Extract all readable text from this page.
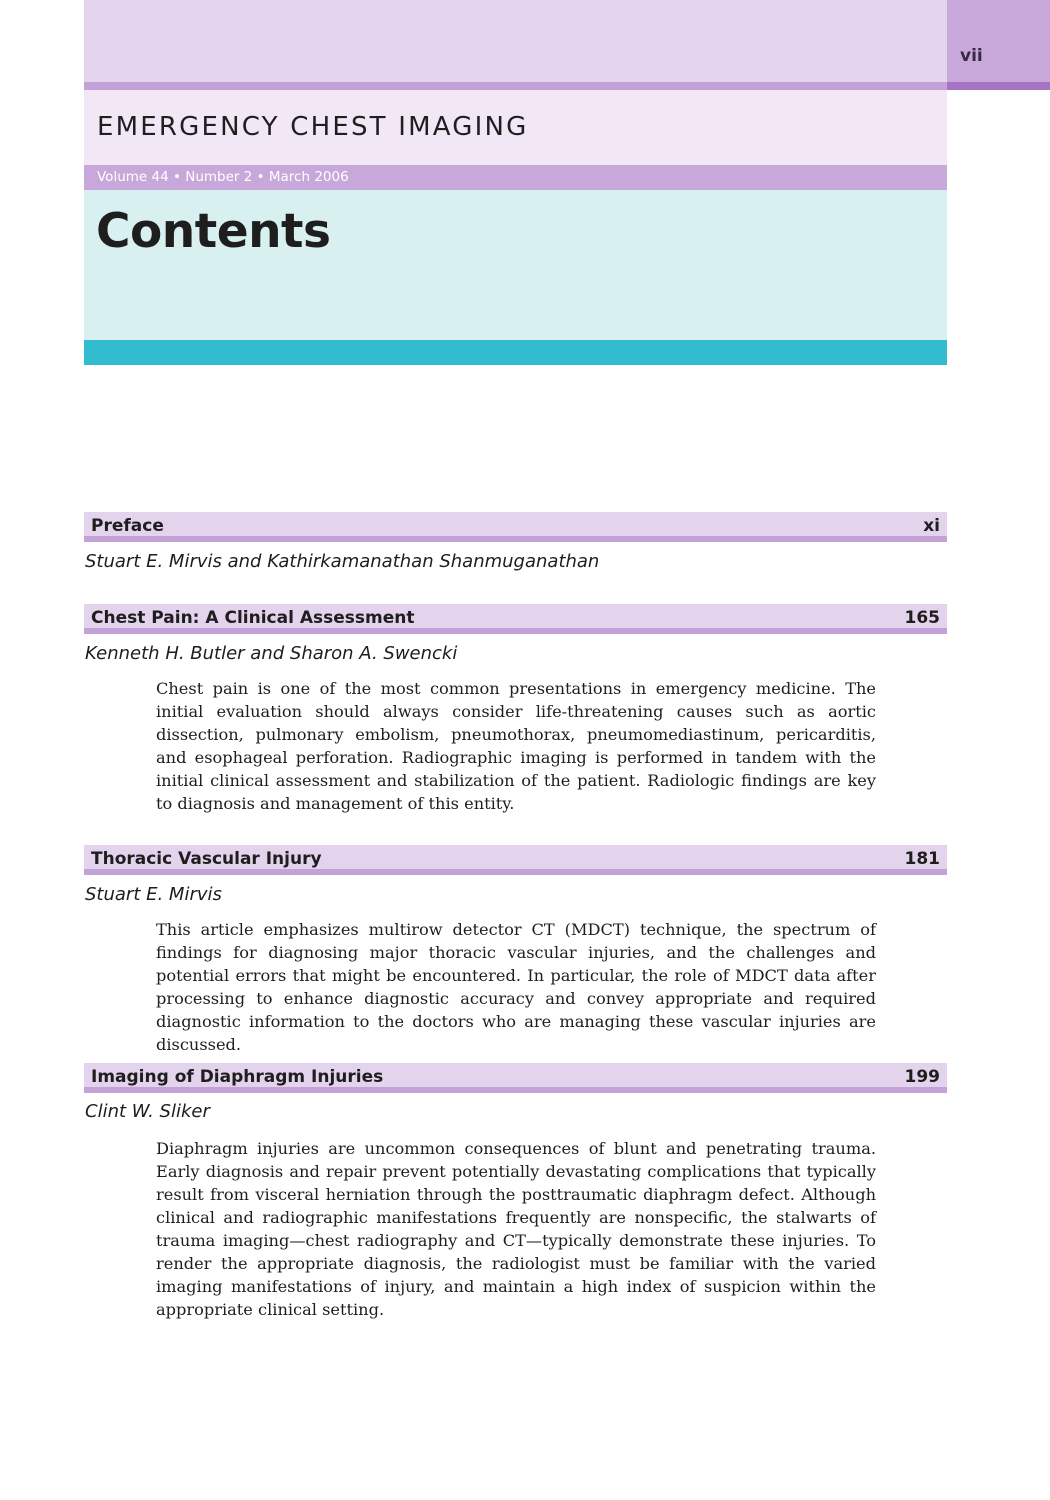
vii
EMERGENCY CHEST IMAGING
Volume 44 • Number 2 • March 2006
Contents
Preface	xi
Stuart E. Mirvis and Kathirkamanathan Shanmuganathan
Chest Pain: A Clinical Assessment	165
Kenneth H. Butler and Sharon A. Swencki

Chest pain is one of the most common presentations in emergency medicine. The initial evaluation should always consider life-threatening causes such as aortic dissection, pulmonary embolism, pneumothorax, pneumomediastinum, pericarditis, and esophageal perforation. Radiographic imaging is performed in tandem with the initial clinical assessment and stabilization of the patient. Radiologic findings are key to diagnosis and management of this entity.

Thoracic Vascular Injury	181
Stuart E. Mirvis

This article emphasizes multirow detector CT (MDCT) technique, the spectrum of findings for diagnosing major thoracic vascular injuries, and the challenges and potential errors that might be encountered. In particular, the role of MDCT data after processing to enhance diagnostic accuracy and convey appropriate and required diagnostic information to the doctors who are managing these vascular injuries are discussed.

Imaging of Diaphragm Injuries	199
Clint W. Sliker

Diaphragm injuries are uncommon consequences of blunt and penetrating trauma. Early diagnosis and repair prevent potentially devastating complications that typically result from visceral herniation through the posttraumatic diaphragm defect. Although clinical and radiographic manifestations frequently are nonspecific, the stalwarts of trauma imaging—chest radiography and CT—typically demonstrate these injuries. To render the appropriate diagnosis, the radiologist must be familiar with the varied imaging manifestations of injury, and maintain a high index of suspicion within the appropriate clinical setting.
